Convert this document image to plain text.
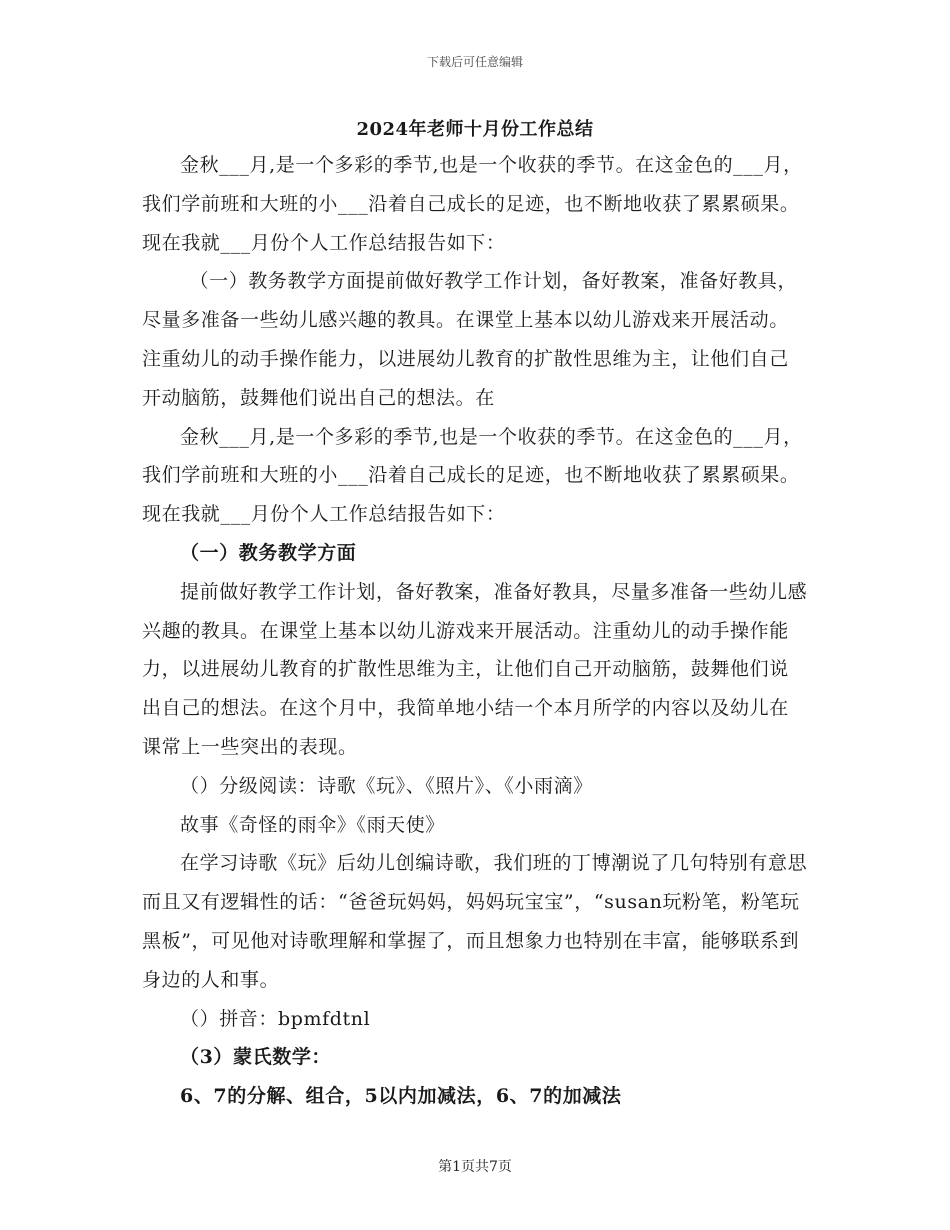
下载后可任意编辑
2024年老师十月份工作总结

金秋___月,是一个多彩的季节,也是一个收获的季节。在这金色的___月，我们学前班和大班的小___沿着自己成长的足迹，也不断地收获了累累硕果。现在我就___月份个人工作总结报告如下：

（一）教务教学方面提前做好教学工作计划，备好教案，准备好教具，尽量多准备一些幼儿感兴趣的教具。在课堂上基本以幼儿游戏来开展活动。注重幼儿的动手操作能力，以进展幼儿教育的扩散性思维为主，让他们自己开动脑筋，鼓舞他们说出自己的想法。在

金秋___月,是一个多彩的季节,也是一个收获的季节。在这金色的___月，我们学前班和大班的小___沿着自己成长的足迹，也不断地收获了累累硕果。现在我就___月份个人工作总结报告如下：

（一）教务教学方面

提前做好教学工作计划，备好教案，准备好教具，尽量多准备一些幼儿感兴趣的教具。在课堂上基本以幼儿游戏来开展活动。注重幼儿的动手操作能力，以进展幼儿教育的扩散性思维为主，让他们自己开动脑筋，鼓舞他们说出自己的想法。在这个月中，我简单地小结一个本月所学的内容以及幼儿在课常上一些突出的表现。

（）分级阅读：诗歌《玩》、《照片》、《小雨滴》

故事《奇怪的雨伞》《雨天使》

在学习诗歌《玩》后幼儿创编诗歌，我们班的丁博潮说了几句特别有意思而且又有逻辑性的话：“爸爸玩妈妈，妈妈玩宝宝”，“susan玩粉笔，粉笔玩黑板”，可见他对诗歌理解和掌握了，而且想象力也特别在丰富，能够联系到身边的人和事。

（）拼音：bpmfdtnl

（3）蒙氏数学：

6、7的分解、组合，5以内加减法，6、7的加减法

第1页共7页
